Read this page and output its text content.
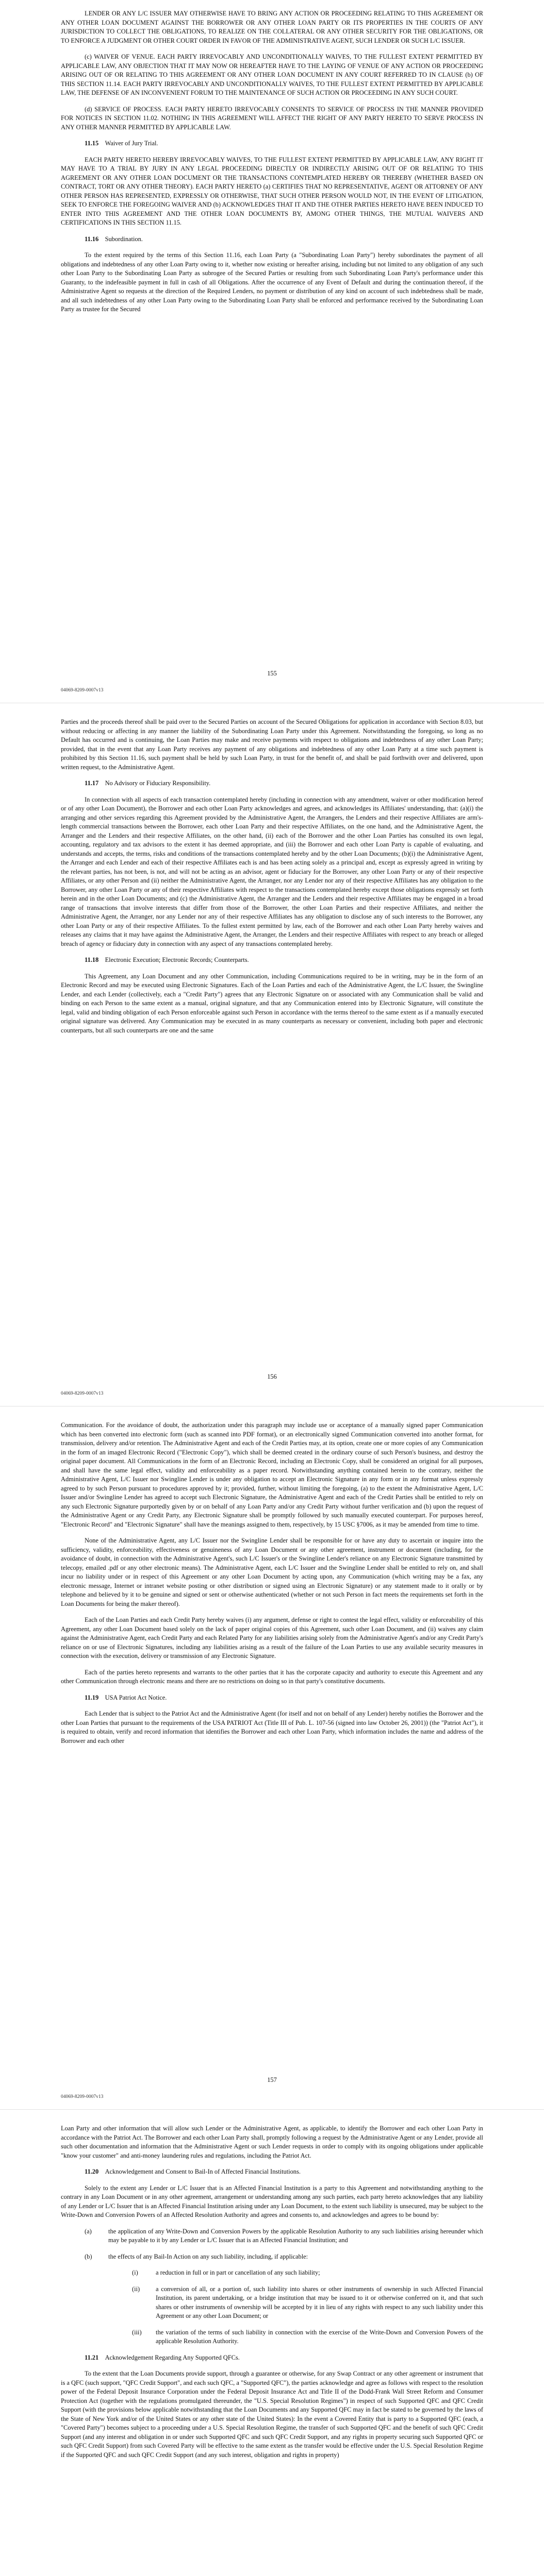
LENDER OR ANY L/C ISSUER MAY OTHERWISE HAVE TO BRING ANY ACTION OR PROCEEDING RELATING TO THIS AGREEMENT OR ANY OTHER LOAN DOCUMENT AGAINST THE BORROWER OR ANY OTHER LOAN PARTY OR ITS PROPERTIES IN THE COURTS OF ANY JURISDICTION TO COLLECT THE OBLIGATIONS, TO REALIZE ON THE COLLATERAL OR ANY OTHER SECURITY FOR THE OBLIGATIONS, OR TO ENFORCE A JUDGMENT OR OTHER COURT ORDER IN FAVOR OF THE ADMINISTRATIVE AGENT, SUCH LENDER OR SUCH L/C ISSUER.

(c) WAIVER OF VENUE. EACH PARTY IRREVOCABLY AND UNCONDITIONALLY WAIVES, TO THE FULLEST EXTENT PERMITTED BY APPLICABLE LAW, ANY OBJECTION THAT IT MAY NOW OR HEREAFTER HAVE TO THE LAYING OF VENUE OF ANY ACTION OR PROCEEDING ARISING OUT OF OR RELATING TO THIS AGREEMENT OR ANY OTHER LOAN DOCUMENT IN ANY COURT REFERRED TO IN CLAUSE (b) OF THIS SECTION 11.14. EACH PARTY IRREVOCABLY AND UNCONDITIONALLY WAIVES, TO THE FULLEST EXTENT PERMITTED BY APPLICABLE LAW, THE DEFENSE OF AN INCONVENIENT FORUM TO THE MAINTENANCE OF SUCH ACTION OR PROCEEDING IN ANY SUCH COURT.

(d) SERVICE OF PROCESS. EACH PARTY HERETO IRREVOCABLY CONSENTS TO SERVICE OF PROCESS IN THE MANNER PROVIDED FOR NOTICES IN SECTION 11.02. NOTHING IN THIS AGREEMENT WILL AFFECT THE RIGHT OF ANY PARTY HERETO TO SERVE PROCESS IN ANY OTHER MANNER PERMITTED BY APPLICABLE LAW.

11.15 Waiver of Jury Trial.

EACH PARTY HERETO HEREBY IRREVOCABLY WAIVES, TO THE FULLEST EXTENT PERMITTED BY APPLICABLE LAW, ANY RIGHT IT MAY HAVE TO A TRIAL BY JURY IN ANY LEGAL PROCEEDING DIRECTLY OR INDIRECTLY ARISING OUT OF OR RELATING TO THIS AGREEMENT OR ANY OTHER LOAN DOCUMENT OR THE TRANSACTIONS CONTEMPLATED HEREBY OR THEREBY (WHETHER BASED ON CONTRACT, TORT OR ANY OTHER THEORY). EACH PARTY HERETO (a) CERTIFIES THAT NO REPRESENTATIVE, AGENT OR ATTORNEY OF ANY OTHER PERSON HAS REPRESENTED, EXPRESSLY OR OTHERWISE, THAT SUCH OTHER PERSON WOULD NOT, IN THE EVENT OF LITIGATION, SEEK TO ENFORCE THE FOREGOING WAIVER AND (b) ACKNOWLEDGES THAT IT AND THE OTHER PARTIES HERETO HAVE BEEN INDUCED TO ENTER INTO THIS AGREEMENT AND THE OTHER LOAN DOCUMENTS BY, AMONG OTHER THINGS, THE MUTUAL WAIVERS AND CERTIFICATIONS IN THIS SECTION 11.15.

11.16 Subordination.

To the extent required by the terms of this Section 11.16, each Loan Party (a "Subordinating Loan Party") hereby subordinates the payment of all obligations and indebtedness of any other Loan Party owing to it, whether now existing or hereafter arising, including but not limited to any obligation of any such other Loan Party to the Subordinating Loan Party as subrogee of the Secured Parties or resulting from such Subordinating Loan Party's performance under this Guaranty, to the indefeasible payment in full in cash of all Obligations. After the occurrence of any Event of Default and during the continuation thereof, if the Administrative Agent so requests at the direction of the Required Lenders, no payment or distribution of any kind on account of such indebtedness shall be made, and all such indebtedness of any other Loan Party owing to the Subordinating Loan Party shall be enforced and performance received by the Subordinating Loan Party as trustee for the Secured

155
04069-8209-0007v13

Parties and the proceeds thereof shall be paid over to the Secured Parties on account of the Secured Obligations for application in accordance with Section 8.03, but without reducing or affecting in any manner the liability of the Subordinating Loan Party under this Agreement. Notwithstanding the foregoing, so long as no Default has occurred and is continuing, the Loan Parties may make and receive payments with respect to obligations and indebtedness of any other Loan Party; provided, that in the event that any Loan Party receives any payment of any obligations and indebtedness of any other Loan Party at a time such payment is prohibited by this Section 11.16, such payment shall be held by such Loan Party, in trust for the benefit of, and shall be paid forthwith over and delivered, upon written request, to the Administrative Agent.

11.17 No Advisory or Fiduciary Responsibility.

In connection with all aspects of each transaction contemplated hereby (including in connection with any amendment, waiver or other modification hereof or of any other Loan Document), the Borrower and each other Loan Party acknowledges and agrees, and acknowledges its Affiliates' understanding, that: (a)(i) the arranging and other services regarding this Agreement provided by the Administrative Agent, the Arrangers, the Lenders and their respective Affiliates are arm's-length commercial transactions between the Borrower, each other Loan Party and their respective Affiliates, on the one hand, and the Administrative Agent, the Arranger and the Lenders and their respective Affiliates, on the other hand, (ii) each of the Borrower and the other Loan Parties has consulted its own legal, accounting, regulatory and tax advisors to the extent it has deemed appropriate, and (iii) the Borrower and each other Loan Party is capable of evaluating, and understands and accepts, the terms, risks and conditions of the transactions contemplated hereby and by the other Loan Documents; (b)(i) the Administrative Agent, the Arranger and each Lender and each of their respective Affiliates each is and has been acting solely as a principal and, except as expressly agreed in writing by the relevant parties, has not been, is not, and will not be acting as an advisor, agent or fiduciary for the Borrower, any other Loan Party or any of their respective Affiliates, or any other Person and (ii) neither the Administrative Agent, the Arranger, nor any Lender nor any of their respective Affiliates has any obligation to the Borrower, any other Loan Party or any of their respective Affiliates with respect to the transactions contemplated hereby except those obligations expressly set forth herein and in the other Loan Documents; and (c) the Administrative Agent, the Arranger and the Lenders and their respective Affiliates may be engaged in a broad range of transactions that involve interests that differ from those of the Borrower, the other Loan Parties and their respective Affiliates, and neither the Administrative Agent, the Arranger, nor any Lender nor any of their respective Affiliates has any obligation to disclose any of such interests to the Borrower, any other Loan Party or any of their respective Affiliates. To the fullest extent permitted by law, each of the Borrower and each other Loan Party hereby waives and releases any claims that it may have against the Administrative Agent, the Arranger, the Lenders and their respective Affiliates with respect to any breach or alleged breach of agency or fiduciary duty in connection with any aspect of any transactions contemplated hereby.

11.18 Electronic Execution; Electronic Records; Counterparts.

This Agreement, any Loan Document and any other Communication, including Communications required to be in writing, may be in the form of an Electronic Record and may be executed using Electronic Signatures. Each of the Loan Parties and each of the Administrative Agent, the L/C Issuer, the Swingline Lender, and each Lender (collectively, each a "Credit Party") agrees that any Electronic Signature on or associated with any Communication shall be valid and binding on each Person to the same extent as a manual, original signature, and that any Communication entered into by Electronic Signature, will constitute the legal, valid and binding obligation of each Person enforceable against such Person in accordance with the terms thereof to the same extent as if a manually executed original signature was delivered. Any Communication may be executed in as many counterparts as necessary or convenient, including both paper and electronic counterparts, but all such counterparts are one and the same

156
04069-8209-0007v13

Communication. For the avoidance of doubt, the authorization under this paragraph may include use or acceptance of a manually signed paper Communication which has been converted into electronic form (such as scanned into PDF format), or an electronically signed Communication converted into another format, for transmission, delivery and/or retention. The Administrative Agent and each of the Credit Parties may, at its option, create one or more copies of any Communication in the form of an imaged Electronic Record ("Electronic Copy"), which shall be deemed created in the ordinary course of such Person's business, and destroy the original paper document. All Communications in the form of an Electronic Record, including an Electronic Copy, shall be considered an original for all purposes, and shall have the same legal effect, validity and enforceability as a paper record. Notwithstanding anything contained herein to the contrary, neither the Administrative Agent, L/C Issuer nor Swingline Lender is under any obligation to accept an Electronic Signature in any form or in any format unless expressly agreed to by such Person pursuant to procedures approved by it; provided, further, without limiting the foregoing, (a) to the extent the Administrative Agent, L/C Issuer and/or Swingline Lender has agreed to accept such Electronic Signature, the Administrative Agent and each of the Credit Parties shall be entitled to rely on any such Electronic Signature purportedly given by or on behalf of any Loan Party and/or any Credit Party without further verification and (b) upon the request of the Administrative Agent or any Credit Party, any Electronic Signature shall be promptly followed by such manually executed counterpart. For purposes hereof, "Electronic Record" and "Electronic Signature" shall have the meanings assigned to them, respectively, by 15 USC §7006, as it may be amended from time to time.

None of the Administrative Agent, any L/C Issuer nor the Swingline Lender shall be responsible for or have any duty to ascertain or inquire into the sufficiency, validity, enforceability, effectiveness or genuineness of any Loan Document or any other agreement, instrument or document (including, for the avoidance of doubt, in connection with the Administrative Agent's, such L/C Issuer's or the Swingline Lender's reliance on any Electronic Signature transmitted by telecopy, emailed .pdf or any other electronic means). The Administrative Agent, each L/C Issuer and the Swingline Lender shall be entitled to rely on, and shall incur no liability under or in respect of this Agreement or any other Loan Document by acting upon, any Communication (which writing may be a fax, any electronic message, Internet or intranet website posting or other distribution or signed using an Electronic Signature) or any statement made to it orally or by telephone and believed by it to be genuine and signed or sent or otherwise authenticated (whether or not such Person in fact meets the requirements set forth in the Loan Documents for being the maker thereof).

Each of the Loan Parties and each Credit Party hereby waives (i) any argument, defense or right to contest the legal effect, validity or enforceability of this Agreement, any other Loan Document based solely on the lack of paper original copies of this Agreement, such other Loan Document, and (ii) waives any claim against the Administrative Agent, each Credit Party and each Related Party for any liabilities arising solely from the Administrative Agent's and/or any Credit Party's reliance on or use of Electronic Signatures, including any liabilities arising as a result of the failure of the Loan Parties to use any available security measures in connection with the execution, delivery or transmission of any Electronic Signature.

Each of the parties hereto represents and warrants to the other parties that it has the corporate capacity and authority to execute this Agreement and any other Communication through electronic means and there are no restrictions on doing so in that party's constitutive documents.

11.19 USA Patriot Act Notice.

Each Lender that is subject to the Patriot Act and the Administrative Agent (for itself and not on behalf of any Lender) hereby notifies the Borrower and the other Loan Parties that pursuant to the requirements of the USA PATRIOT Act (Title III of Pub. L. 107-56 (signed into law October 26, 2001)) (the "Patriot Act"), it is required to obtain, verify and record information that identifies the Borrower and each other Loan Party, which information includes the name and address of the Borrower and each other

157
04069-8209-0007v13

Loan Party and other information that will allow such Lender or the Administrative Agent, as applicable, to identify the Borrower and each other Loan Party in accordance with the Patriot Act. The Borrower and each other Loan Party shall, promptly following a request by the Administrative Agent or any Lender, provide all such other documentation and information that the Administrative Agent or such Lender requests in order to comply with its ongoing obligations under applicable "know your customer" and anti-money laundering rules and regulations, including the Patriot Act.

11.20 Acknowledgement and Consent to Bail-In of Affected Financial Institutions.

Solely to the extent any Lender or L/C Issuer that is an Affected Financial Institution is a party to this Agreement and notwithstanding anything to the contrary in any Loan Document or in any other agreement, arrangement or understanding among any such parties, each party hereto acknowledges that any liability of any Lender or L/C Issuer that is an Affected Financial Institution arising under any Loan Document, to the extent such liability is unsecured, may be subject to the Write-Down and Conversion Powers of an Affected Resolution Authority and agrees and consents to, and acknowledges and agrees to be bound by:

(a)	the application of any Write-Down and Conversion Powers by the applicable Resolution Authority to any such liabilities arising hereunder which may be payable to it by any Lender or L/C Issuer that is an Affected Financial Institution; and
(b)	the effects of any Bail-In Action on any such liability, including, if applicable:
(i)	a reduction in full or in part or cancellation of any such liability;
(ii)	a conversion of all, or a portion of, such liability into shares or other instruments of ownership in such Affected Financial Institution, its parent undertaking, or a bridge institution that may be issued to it or otherwise conferred on it, and that such shares or other instruments of ownership will be accepted by it in lieu of any rights with respect to any such liability under this Agreement or any other Loan Document; or
(iii)	the variation of the terms of such liability in connection with the exercise of the Write-Down and Conversion Powers of the applicable Resolution Authority.

11.21 Acknowledgement Regarding Any Supported QFCs.

To the extent that the Loan Documents provide support, through a guarantee or otherwise, for any Swap Contract or any other agreement or instrument that is a QFC (such support, "QFC Credit Support", and each such QFC, a "Supported QFC"), the parties acknowledge and agree as follows with respect to the resolution power of the Federal Deposit Insurance Corporation under the Federal Deposit Insurance Act and Title II of the Dodd-Frank Wall Street Reform and Consumer Protection Act (together with the regulations promulgated thereunder, the "U.S. Special Resolution Regimes") in respect of such Supported QFC and QFC Credit Support (with the provisions below applicable notwithstanding that the Loan Documents and any Supported QFC may in fact be stated to be governed by the laws of the State of New York and/or of the United States or any other state of the United States): In the event a Covered Entity that is party to a Supported QFC (each, a "Covered Party") becomes subject to a proceeding under a U.S. Special Resolution Regime, the transfer of such Supported QFC and the benefit of such QFC Credit Support (and any interest and obligation in or under such Supported QFC and such QFC Credit Support, and any rights in property securing such Supported QFC or such QFC Credit Support) from such Covered Party will be effective to the same extent as the transfer would be effective under the U.S. Special Resolution Regime if the Supported QFC and such QFC Credit Support (and any such interest, obligation and rights in property)
